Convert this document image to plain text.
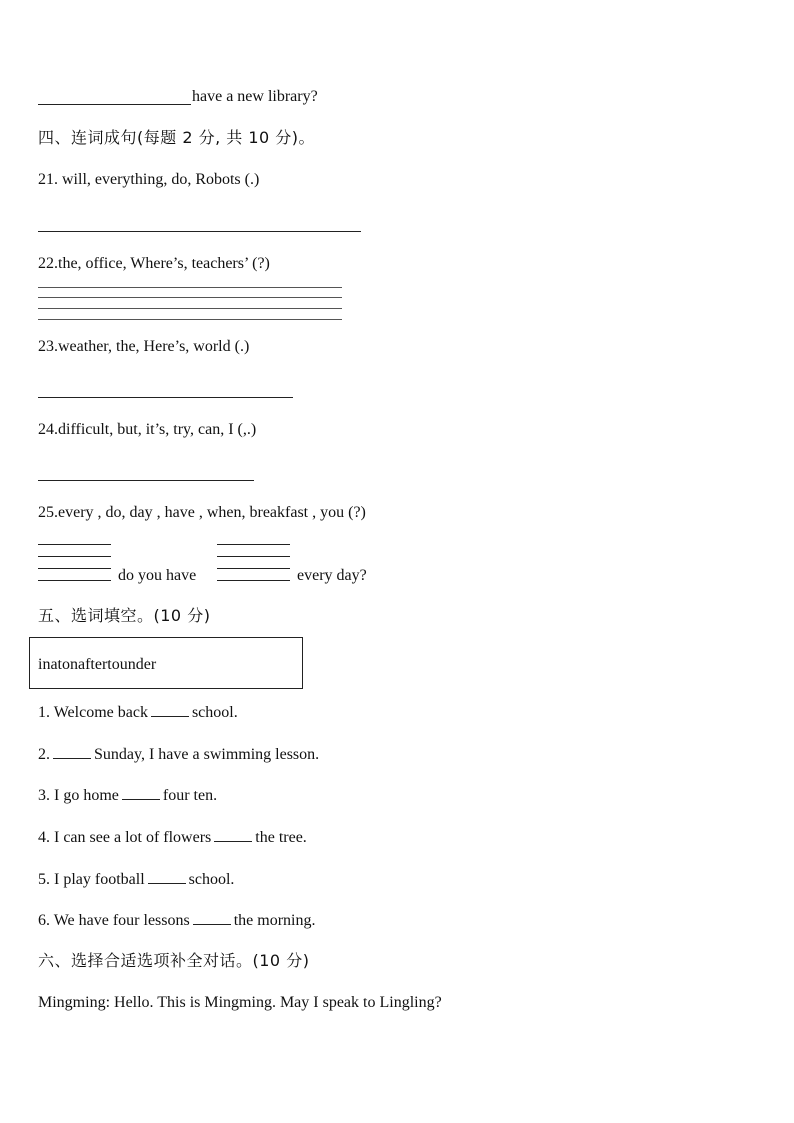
have a new library?
四、连词成句(每题 2 分, 共 10 分)。
21. will, everything, do, Robots (.)
22.the, office, Where’s, teachers’ (?)
23.weather, the, Here’s, world (.)
24.difficult, but, it’s, try, can, I (,.)
25.every , do, day , have , when, breakfast , you (?)
do you have	every day?
五、选词填空。(10 分)
inatonaftertounder
1. Welcome back	school.
2.	Sunday, I have a swimming lesson.
3. I go home	four ten.
4. I can see a lot of flowers	the tree.
5. I play football	school.
6. We have four lessons	the morning.
六、选择合适选项补全对话。(10 分)
Mingming: Hello. This is Mingming. May I speak to Lingling?
